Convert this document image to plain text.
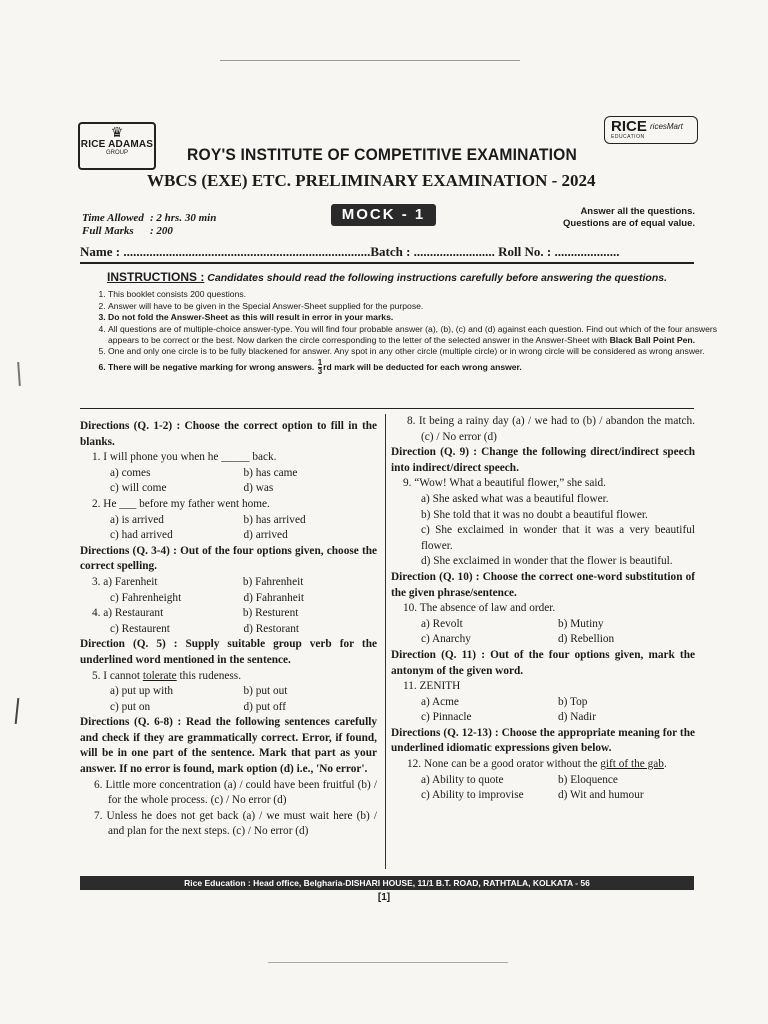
♛
RICE ADAMAS
GROUP
RICE
EDUCATION
ricesMart
ROY'S INSTITUTE OF COMPETITIVE EXAMINATION
WBCS (EXE) ETC. PRELIMINARY EXAMINATION - 2024
Time Allowed : 2 hrs. 30 min
Full Marks : 200
MOCK - 1	Answer all the questions.
Questions are of equal value.
Name : ............................................................................Batch : ......................... Roll No. : ....................
INSTRUCTIONS : Candidates should read the following instructions carefully before answering the questions.
1. This booklet consists 200 questions.
2. Answer will have to be given in the Special Answer-Sheet supplied for the purpose.
3. Do not fold the Answer-Sheet as this will result in error in your marks.
4. All questions are of multiple-choice answer-type. You will find four probable answer (a), (b), (c) and (d) against each question. Find out which of the four answers appears to be correct or the best. Now darken the circle corresponding to the letter of the selected answer in the Answer-Sheet with Black Ball Point Pen.
5. One and only one circle is to be fully blackened for answer. Any spot in any other circle (multiple circle) or in wrong circle will be considered as wrong answer.
6. There will be negative marking for wrong answers. $\frac{1}{3}rd$ mark will be deducted for each wrong answer.
Directions (Q. 1-2) : Choose the correct option to fill in the blanks.
1. I will phone you when he _____ back.
a) comes	b) has came
c) will come	d) was
2. He ___ before my father went home.
a) is arrived	b) has arrived
c) had arrived	d) arrived
Directions (Q. 3-4) : Out of the four options given, choose the correct spelling.
3. a) Farenheit	b) Fahrenheit
c) Fahrenheight	d) Fahranheit
4. a) Restaurant	b) Resturent
c) Restaurent	d) Restorant
Direction (Q. 5) : Supply suitable group verb for the underlined word mentioned in the sentence.
5. I cannot tolerate this rudeness.
a) put up with	b) put out
c) put on	d) put off
Directions (Q. 6-8) : Read the following sentences carefully and check if they are grammatically correct. Error, if found, will be in one part of the sentence. Mark that part as your answer. If no error is found, mark option (d) i.e., 'No error'.
6. Little more concentration (a) / could have been fruitful (b) / for the whole process. (c) / No error (d)
7. Unless he does not get back (a) / we must wait here (b) / and plan for the next steps. (c) / No error (d)
8. It being a rainy day (a) / we had to (b) / abandon the match. (c) / No error (d)
Direction (Q. 9) : Change the following direct/indirect speech into indirect/direct speech.
9. “Wow! What a beautiful flower,” she said.
a) She asked what was a beautiful flower.
b) She told that it was no doubt a beautiful flower.
c) She exclaimed in wonder that it was a very beautiful flower.
d) She exclaimed in wonder that the flower is beautiful.
Direction (Q. 10) : Choose the correct one-word substitution of the given phrase/sentence.
10. The absence of law and order.
a) Revolt	b) Mutiny
c) Anarchy	d) Rebellion
Direction (Q. 11) : Out of the four options given, mark the antonym of the given word.
11. ZENITH
a) Acme	b) Top
c) Pinnacle	d) Nadir
Directions (Q. 12-13) : Choose the appropriate meaning for the underlined idiomatic expressions given below.
12. None can be a good orator without the gift of the gab.
a) Ability to quote	b) Eloquence
c) Ability to improvise	d) Wit and humour
Rice Education : Head office, Belgharia-DISHARI HOUSE, 11/1 B.T. ROAD, RATHTALA, KOLKATA - 56
[1]
